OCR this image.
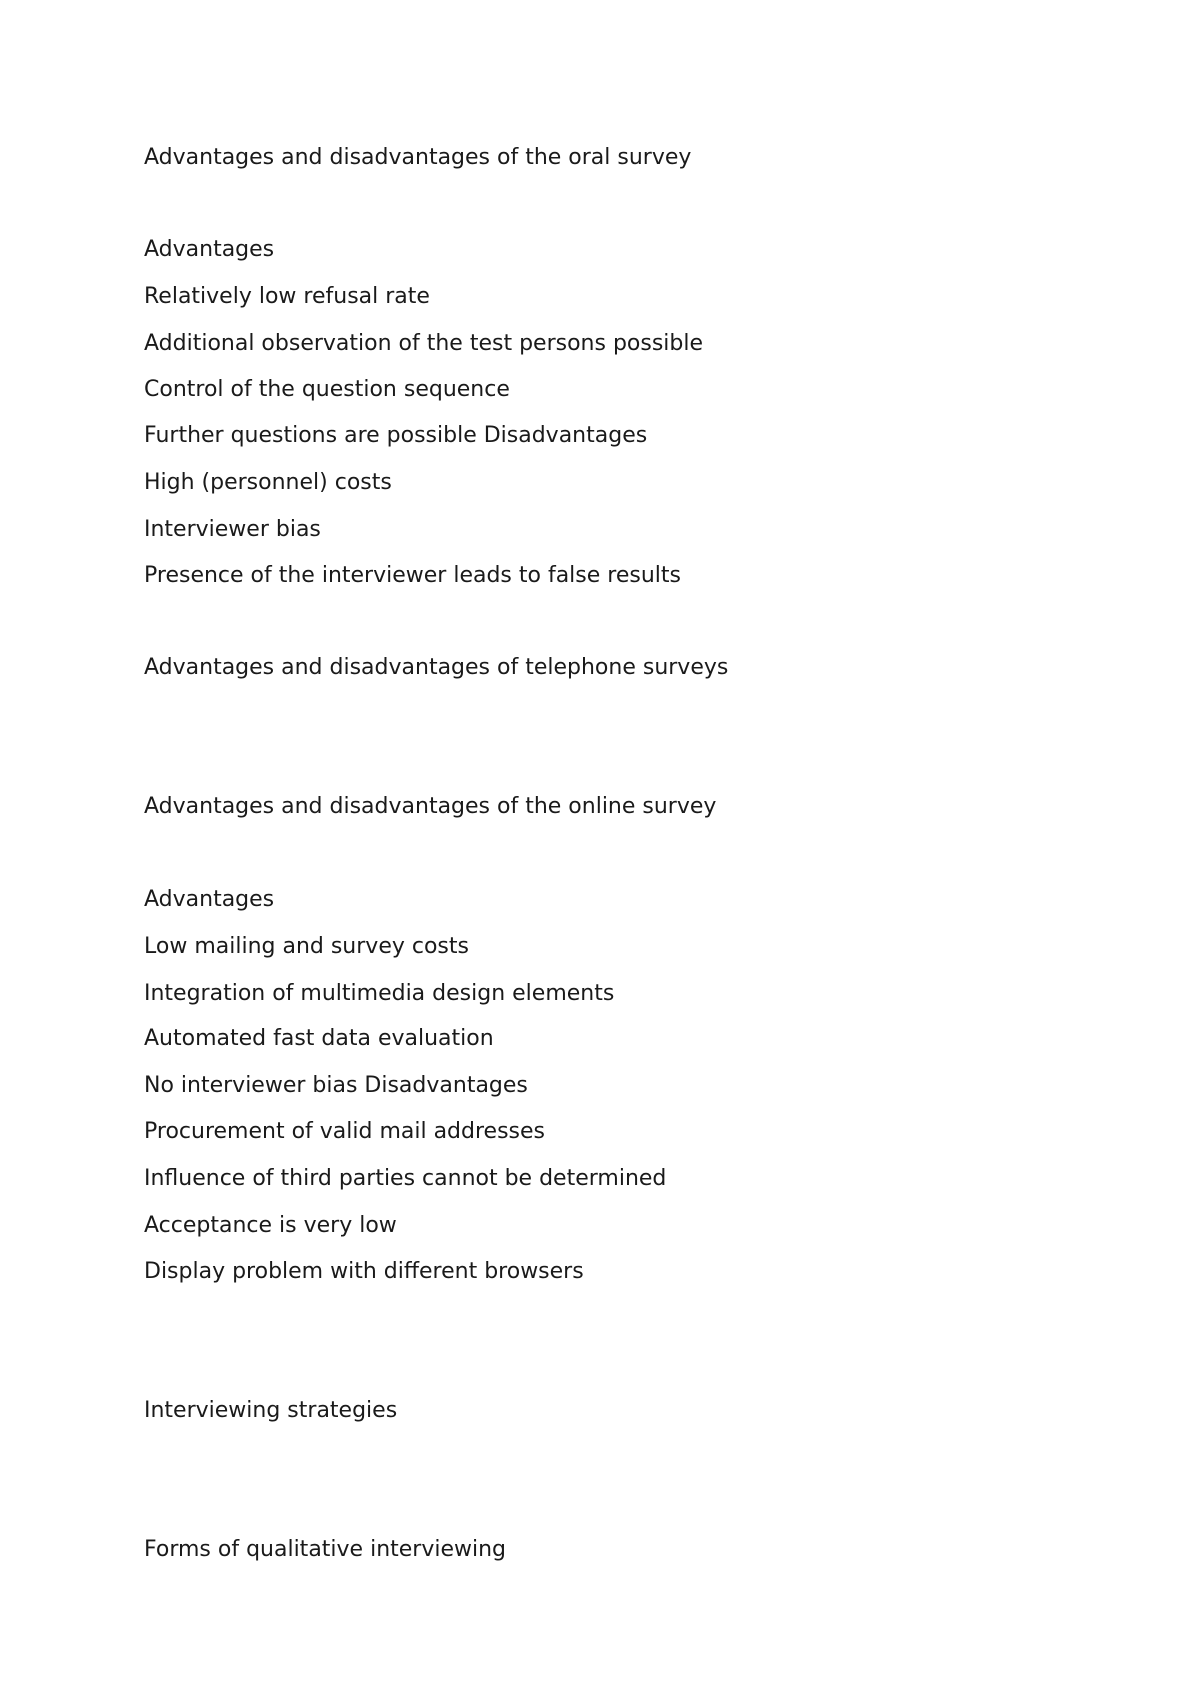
Advantages and disadvantages of the oral survey

Advantages

Relatively low refusal rate

Additional observation of the test persons possible

Control of the question sequence

Further questions are possible Disadvantages

High (personnel) costs

Interviewer bias

Presence of the interviewer leads to false results

Advantages and disadvantages of telephone surveys

Advantages and disadvantages of the online survey

Advantages

Low mailing and survey costs

Integration of multimedia design elements

Automated fast data evaluation

No interviewer bias Disadvantages

Procurement of valid mail addresses

Influence of third parties cannot be determined

Acceptance is very low

Display problem with different browsers

Interviewing strategies

Forms of qualitative interviewing
